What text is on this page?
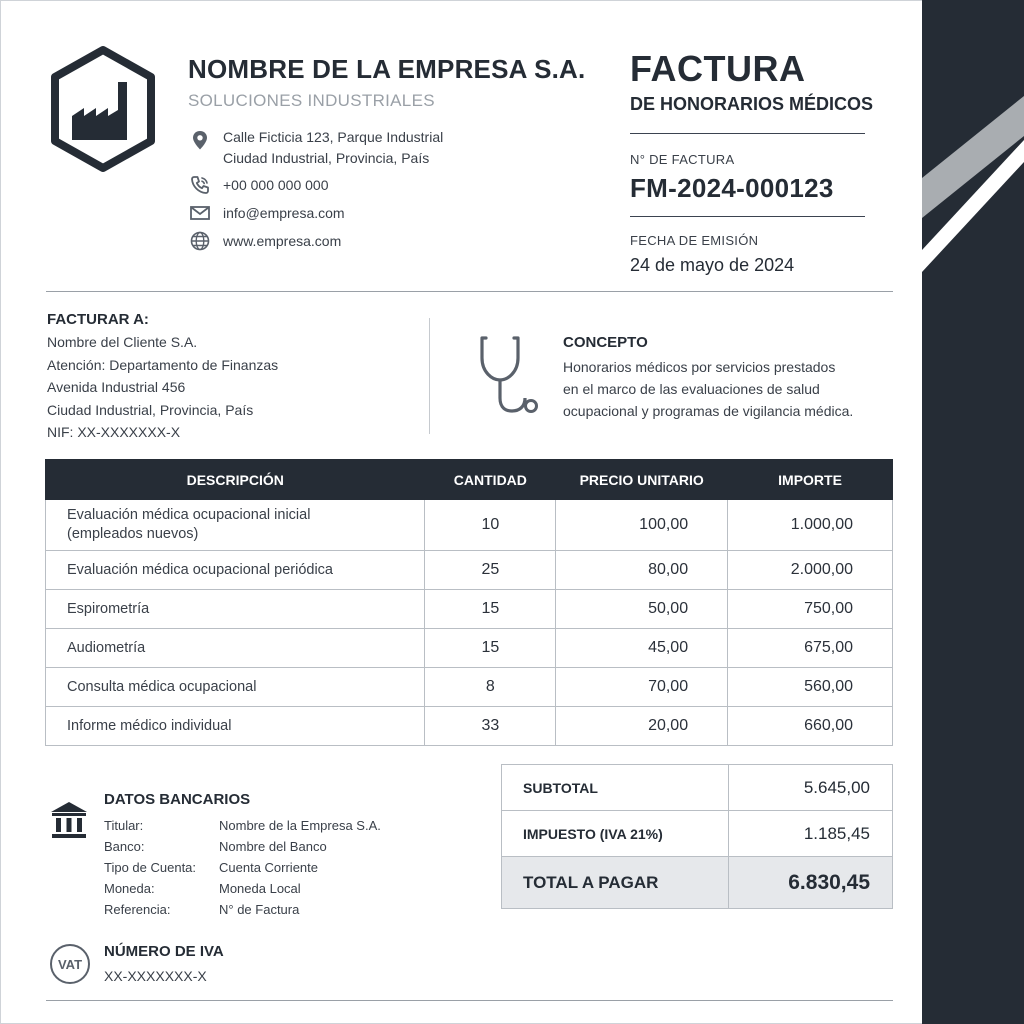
NOMBRE DE LA EMPRESA S.A.
SOLUCIONES INDUSTRIALES
Calle Ficticia 123, Parque Industrial
Ciudad Industrial, Provincia, País
+00 000 000 000
info@empresa.com
www.empresa.com
FACTURA
DE HONORARIOS MÉDICOS
N° DE FACTURA
FM-2024-000123
FECHA DE EMISIÓN
24 de mayo de 2024
FACTURAR A:
Nombre del Cliente S.A.
Atención: Departamento de Finanzas
Avenida Industrial 456
Ciudad Industrial, Provincia, País
NIF: XX-XXXXXXX-X
CONCEPTO
Honorarios médicos por servicios prestados
en el marco de las evaluaciones de salud
ocupacional y programas de vigilancia médica.
DESCRIPCIÓN	CANTIDAD	PRECIO UNITARIO	IMPORTE

Evaluación médica ocupacional inicial
(empleados nuevos)	10	100,00	1.000,00
Evaluación médica ocupacional periódica	25	80,00	2.000,00
Espirometría	15	50,00	750,00
Audiometría	15	45,00	675,00
Consulta médica ocupacional	8	70,00	560,00
Informe médico individual	33	20,00	660,00
DATOS BANCARIOS
Titular:	Nombre de la Empresa S.A.
Banco:	Nombre del Banco
Tipo de Cuenta: Cuenta Corriente
Moneda:	Moneda Local
Referencia:	N° de Factura
VAT
NÚMERO DE IVA
XX-XXXXXXX-X
SUBTOTAL	5.645,00
IMPUESTO (IVA 21%)	1.185,45
TOTAL A PAGAR	6.830,45
